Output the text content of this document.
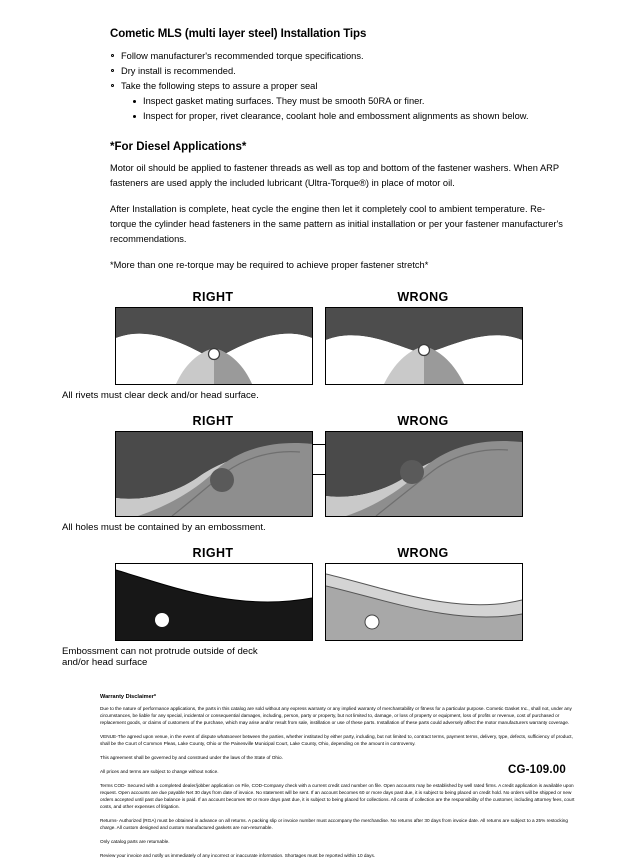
Cometic MLS (multi layer steel) Installation Tips
Follow manufacturer's recommended torque specifications.
Dry install is recommended.
Take the following steps to assure a proper seal
Inspect gasket mating surfaces. They must be smooth 50RA or finer.
Inspect for proper, rivet clearance, coolant hole and embossment alignments as shown below.
*For Diesel Applications*

Motor oil should be applied to fastener threads as well as top and bottom of the fastener washers. When ARP fasteners are used apply the included lubricant (Ultra-Torque®) in place of motor oil.

After Installation is complete, heat cycle the engine then let it completely cool to ambient temperature. Re-torque the cylinder head fasteners in the same pattern as initial installation or per your fastener manufacturer's recommendations.

*More than one re-torque may be required to achieve proper fastener stretch*

RIGHT	WRONG
All rivets must clear deck and/or head surface.
RIGHT	WRONG
All holes must be contained by an embossment.
RIGHT	WRONG
Embossment can not protrude outside of deck
and/or head surface
Warranty Disclaimer*

Due to the nature of performance applications, the parts in this catalog are sold without any express warranty or any implied warranty of merchantability or fitness for a particular purpose. Cometic Gasket Inc., shall not, under any circumstances, be liable for any special, incidental or consequential damages, including, person, party or property, but not limited to, damage, or loss of property or equipment, loss of profits or revenue, cost of purchased or replacement goods, or claims of customers of the purchase, which may arise and/or result from sale, instillation or use of these parts. Installation of these parts could adversely affect the motor manufacturers warranty coverage.

VENUE-The agreed upon venue, in the event of dispute whatsoever between the parties, whether instituted by either party, including, but not limited to, contract terms, payment terms, delivery, type, defects, sufficiency of product, shall be the Court of Common Pleas, Lake County, Ohio or the Painesville Municipal Court, Lake County, Ohio, depending on the amount in controversy.

This agreement shall be governed by and construed under the laws of the State of Ohio.

All prices and terms are subject to change without notice.

Terms COD- Secured with a completed dealer/jobber application on File, COD-Company check with a current credit card number on file. Open accounts may be established by well rated firms. A credit application is available upon request. Open accounts are due payable Net 30 days from date of invoice. No statement will be sent. If an account becomes 60 or more days past due, it is subject to being placed on credit hold. No orders will be shipped or new orders accepted until past due balance is paid. If an account becomes 90 or more days past due, it is subject to being placed for collections. All costs of collection are the responsibility of the customer, including attorney fees, court costs, and other expenses of litigation.

Returns- Authorized (RGA) must be obtained in advance on all returns. A packing slip or invoice number must accompany the merchandise. No returns after 30 days from invoice date. All returns are subject to a 25% restocking charge. All custom designed and custom manufactured gaskets are non-returnable.

Only catalog parts are returnable.

Review your invoice and notify us immediately of any incorrect or inaccurate information. Shortages must be reported within 10 days.

CG-109.00
